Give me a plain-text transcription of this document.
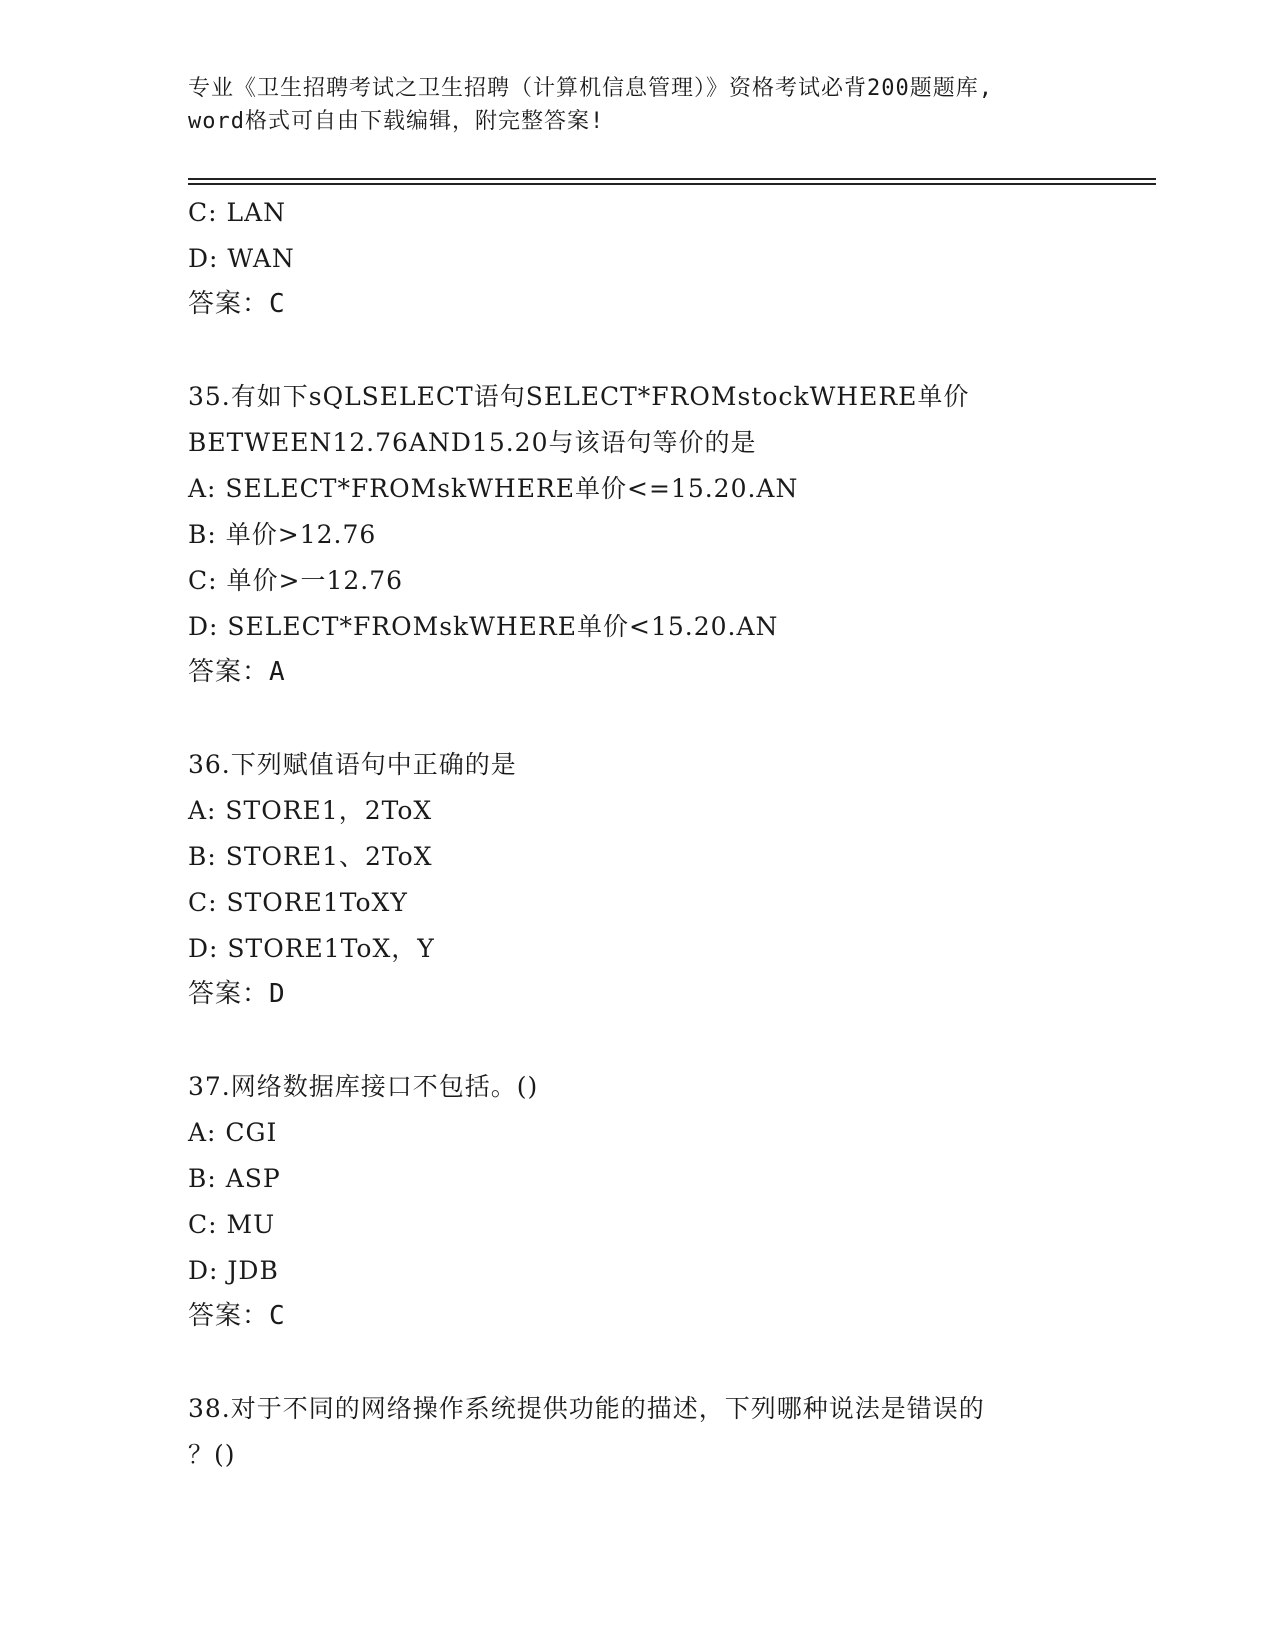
专业《卫生招聘考试之卫生招聘（计算机信息管理）》资格考试必背200题题库,
word格式可自由下载编辑，附完整答案!
C: LAN
D: WAN
答案：C
35.有如下sQLSELECT语句SELECT*FROMstockWHERE单价
BETWEEN12.76AND15.20与该语句等价的是
A: SELECT*FROMskWHERE单价<=15.20.AN
B: 单价>12.76
C: 单价>一12.76
D: SELECT*FROMskWHERE单价<15.20.AN
答案：A
36.下列赋值语句中正确的是
A: STORE1，2ToX
B: STORE1、2ToX
C: STORE1ToXY
D: STORE1ToX，Y
答案：D
37.网络数据库接口不包括。()
A: CGI
B: ASP
C: MU
D: JDB
答案：C
38.对于不同的网络操作系统提供功能的描述，下列哪种说法是错误的
？()
